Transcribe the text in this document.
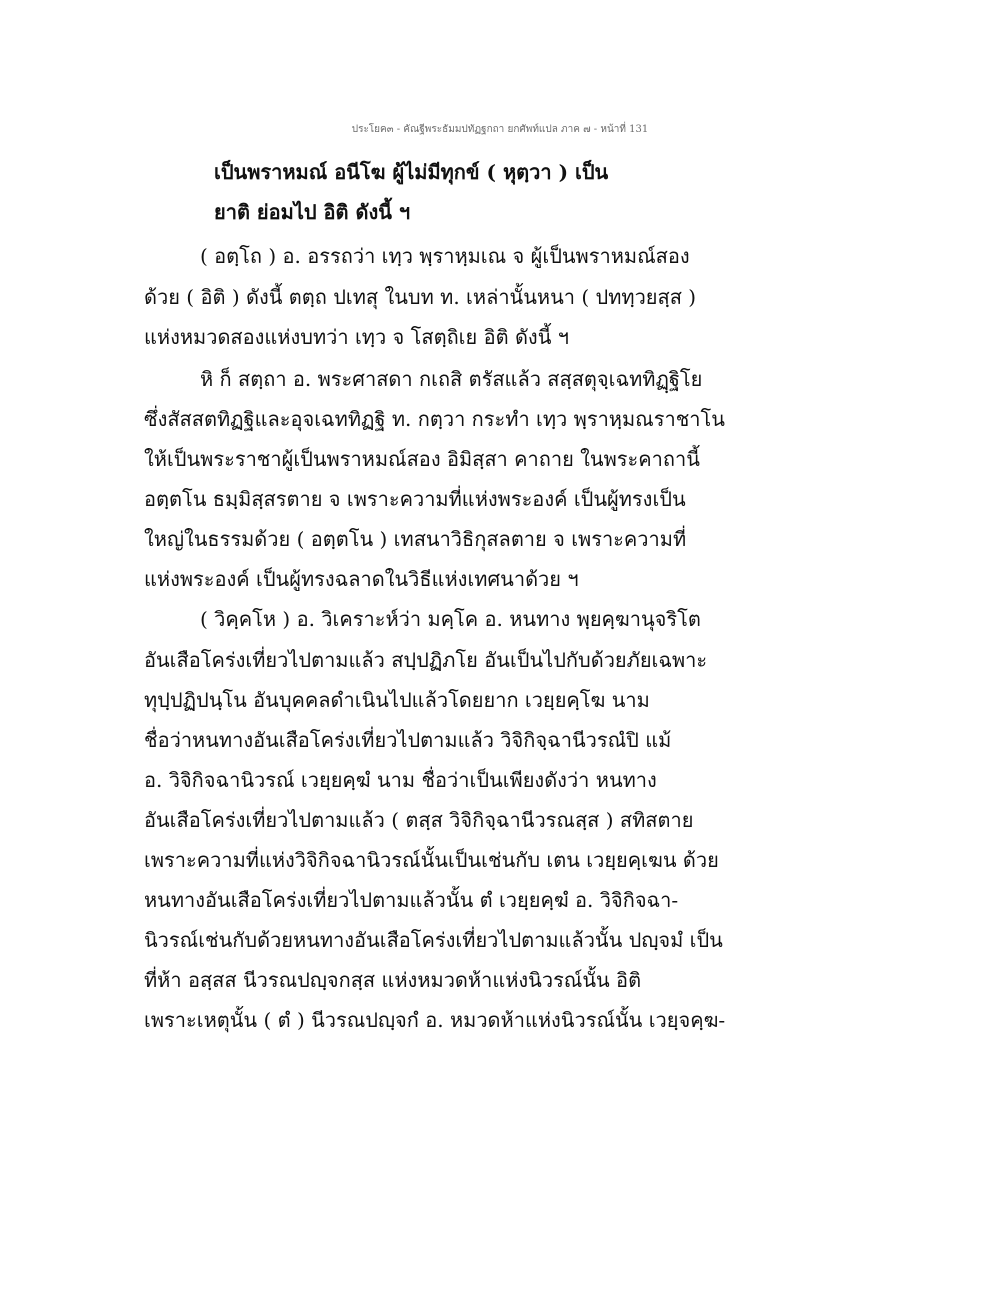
ประโยค๓ - คัณฐีพระธัมมปทัฏฐกถา ยกศัพท์แปล ภาค ๗ - หน้าที่ 131
เป็นพราหมณ์ อนีโฆ ผู้ไม่มีทุกข์ ( หุตฺวา ) เป็น
ยาติ ย่อมไป อิติ ดังนี้ ฯ
( อตฺโถ ) อ. อรรถว่า เทฺว พฺราหฺมเณ จ ผู้เป็นพราหมณ์สอง
ด้วย ( อิติ ) ดังนี้ ตตฺถ ปเทสุ ในบท ท. เหล่านั้นหนา ( ปททฺวยสฺส )
แห่งหมวดสองแห่งบทว่า เทฺว จ โสตฺถิเย อิติ ดังนี้ ฯ
หิ ก็ สตฺถา อ. พระศาสดา กเถสิ ตรัสแล้ว สสฺสตุจฺเฉททิฏฺฐิโย
ซึ่งสัสสตทิฏฐิและอุจเฉททิฏฐิ ท. กตฺวา กระทำ เทฺว พฺราหฺมณราชาโน
ให้เป็นพระราชาผู้เป็นพราหมณ์สอง อิมิสฺสา คาถาย ในพระคาถานี้
อตฺตโน ธมฺมิสฺสรตาย จ เพราะความที่แห่งพระองค์ เป็นผู้ทรงเป็น
ใหญ่ในธรรมด้วย ( อตฺตโน ) เทสนาวิธิกุสลตาย จ เพราะความที่
แห่งพระองค์ เป็นผู้ทรงฉลาดในวิธีแห่งเทศนาด้วย ฯ
( วิคฺคโห ) อ. วิเคราะห์ว่า มคฺโค อ. หนทาง พฺยคฺฆานุจริโต
อันเสือโคร่งเที่ยวไปตามแล้ว สปฺปฏิภโย อันเป็นไปกับด้วยภัยเฉพาะ
ทุปฺปฏิปนฺโน อันบุคคลดำเนินไปแล้วโดยยาก เวยฺยคฺโฆ นาม
ชื่อว่าหนทางอันเสือโคร่งเที่ยวไปตามแล้ว วิจิกิจฺฉานีวรณํปิ แม้
อ. วิจิกิจฉานิวรณ์ เวยฺยคฺฆํ นาม ชื่อว่าเป็นเพียงดังว่า หนทาง
อันเสือโคร่งเที่ยวไปตามแล้ว ( ตสฺส วิจิกิจฺฉานีวรณสฺส ) สทิสตาย
เพราะความที่แห่งวิจิกิจฉานิวรณ์นั้นเป็นเช่นกับ เตน เวยฺยคฺเฆน ด้วย
หนทางอันเสือโคร่งเที่ยวไปตามแล้วนั้น ตํ เวยฺยคฺฆํ อ. วิจิกิจฉา-
นิวรณ์เช่นกับด้วยหนทางอันเสือโคร่งเที่ยวไปตามแล้วนั้น ปญฺจมํ เป็น
ที่ห้า อสฺสส นีวรณปญฺจกสฺส แห่งหมวดห้าแห่งนิวรณ์นั้น อิติ
เพราะเหตุนั้น ( ตํ ) นีวรณปญฺจกํ อ. หมวดห้าแห่งนิวรณ์นั้น เวยฺจคฺฆ-
